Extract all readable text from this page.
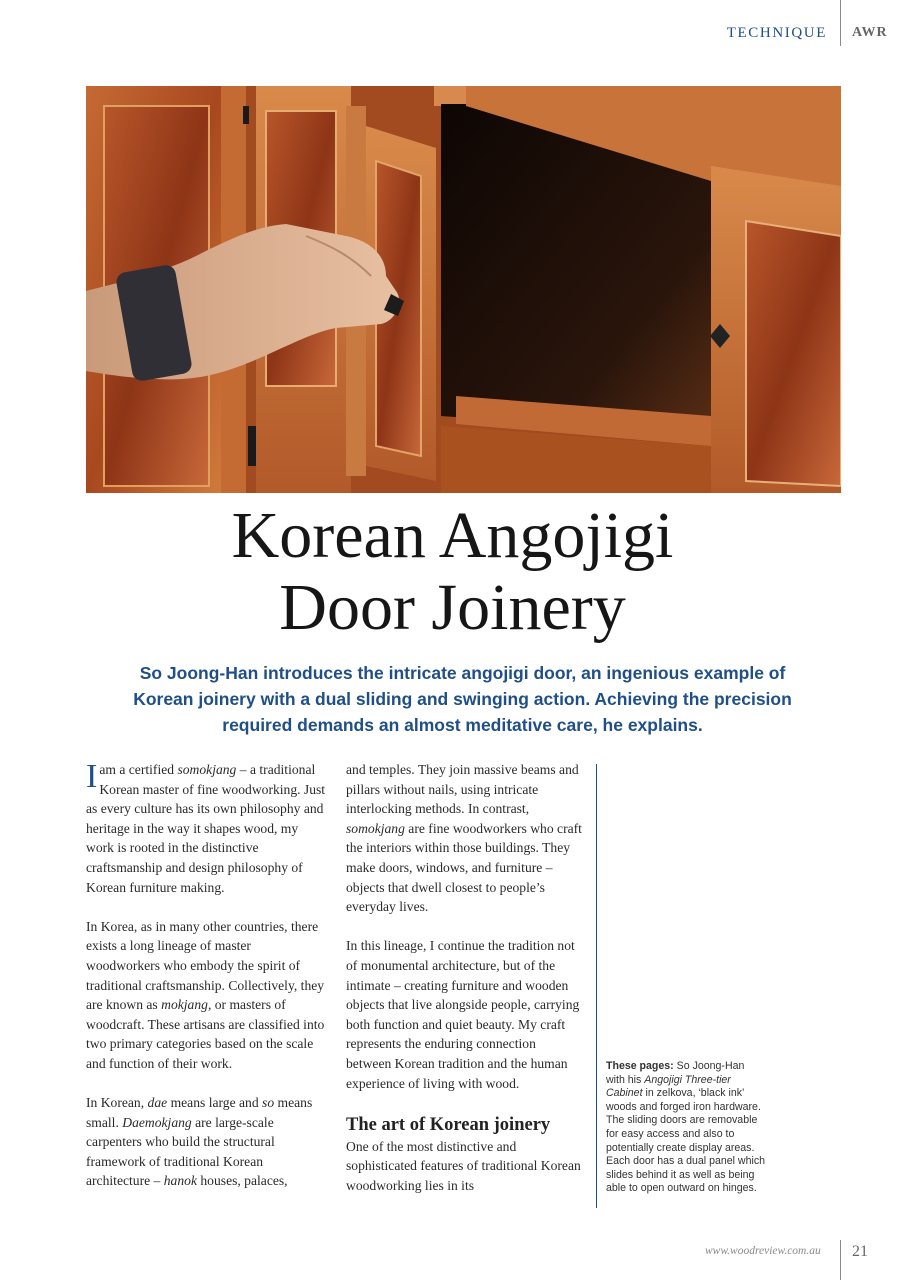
TECHNIQUE AWR
Korean Angojigi
Door Joinery

So Joong-Han introduces the intricate angojigi door, an ingenious example of Korean joinery with a dual sliding and swinging action. Achieving the precision required demands an almost meditative care, he explains.

Iam a certified somokjang – a traditional Korean master of fine woodworking. Just as every culture has its own philosophy and heritage in the way it shapes wood, my work is rooted in the distinctive craftsmanship and design philosophy of Korean furniture making.

In Korea, as in many other countries, there exists a long lineage of master woodworkers who embody the spirit of traditional craftsmanship. Collectively, they are known as mokjang, or masters of woodcraft. These artisans are classified into two primary categories based on the scale and function of their work.

In Korean, dae means large and so means small. Daemokjang are large-scale carpenters who build the structural framework of traditional Korean architecture – hanok houses, palaces,

and temples. They join massive beams and pillars without nails, using intricate interlocking methods. In contrast, somokjang are fine woodworkers who craft the interiors within those buildings. They make doors, windows, and furniture – objects that dwell closest to people’s everyday lives.

In this lineage, I continue the tradition not of monumental architecture, but of the intimate – creating furniture and wooden objects that live alongside people, carrying both function and quiet beauty. My craft represents the enduring connection between Korean tradition and the human experience of living with wood.

The art of Korean joinery

One of the most distinctive and sophisticated features of traditional Korean woodworking lies in its

These pages: So Joong-Han with his Angojigi Three-tier Cabinet in zelkova, ‘black ink’ woods and forged iron hardware. The sliding doors are removable for easy access and also to potentially create display areas. Each door has a dual panel which slides behind it as well as being able to open outward on hinges.

www.woodreview.com.au 21
